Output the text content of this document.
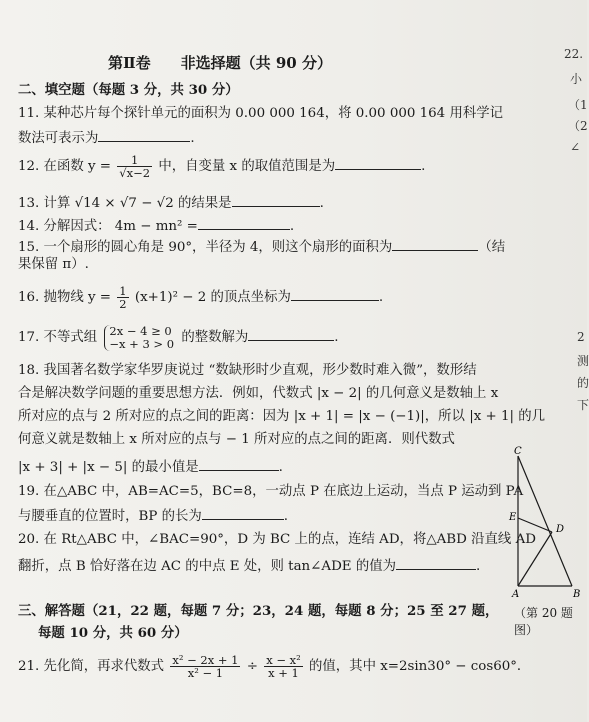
第Ⅱ卷　　非选择题（共 90 分）
二、填空题（每题 3 分，共 30 分）
11. 某种芯片每个探针单元的面积为 0.00 000 164，将 0.00 000 164 用科学记
数法可表示为	.
12. 在函数 $y = \frac{1}{√x-2}$ 中，自变量 x 的取值范围是为	.
13. 计算 √14 × √7 − √2 的结果是	.
14. 分解因式： 4m − mn² =	.
15. 一个扇形的圆心角是 90°，半径为 4，则这个扇形的面积为	（结
果保留 π）.
16. 抛物线 $y = \frac{1}{2} (x+1)^2 - 2$ 的顶点坐标为	.
17. 不等式组 2x − 4 ≥ 0
−x + 3 > 0 的整数解为	.
18. 我国著名数学家华罗庚说过 “数缺形时少直观，形少数时难入微”，数形结
合是解决数学问题的重要思想方法．例如，代数式 |x − 2| 的几何意义是数轴上 x
所对应的点与 2 所对应的点之间的距离：因为 |x + 1| = |x − (−1)|，所以 |x + 1| 的几
何意义就是数轴上 x 所对应的点与 − 1 所对应的点之间的距离．则代数式
|x + 3| + |x − 5| 的最小值是	.
19. 在△ABC 中，AB=AC=5，BC=8，一动点 P 在底边上运动，当点 P 运动到 PA
与腰垂直的位置时，BP 的长为	.
20. 在 Rt△ABC 中，∠BAC=90°，D 为 BC 上的点，连结 AD，将△ABD 沿直线 AD
翻折，点 B 恰好落在边 AC 的中点 E 处，则 tan∠ADE 的值为	.
C
E
D
A	B
（第 20 题图）
三、解答题（21，22 题，每题 7 分；23，24 题，每题 8 分；25 至 27 题，
每题 10 分，共 60 分）
21. 先化简，再求代数式 $\frac{\text{x² − 2x + 1}}{\text{x² − 1}} \div \frac{\text{x − x²}}{x + 1}$ 的值，其中 x=2sin30° − cos60°．
22.
小
（1
（2
∠
2
测
的
下
